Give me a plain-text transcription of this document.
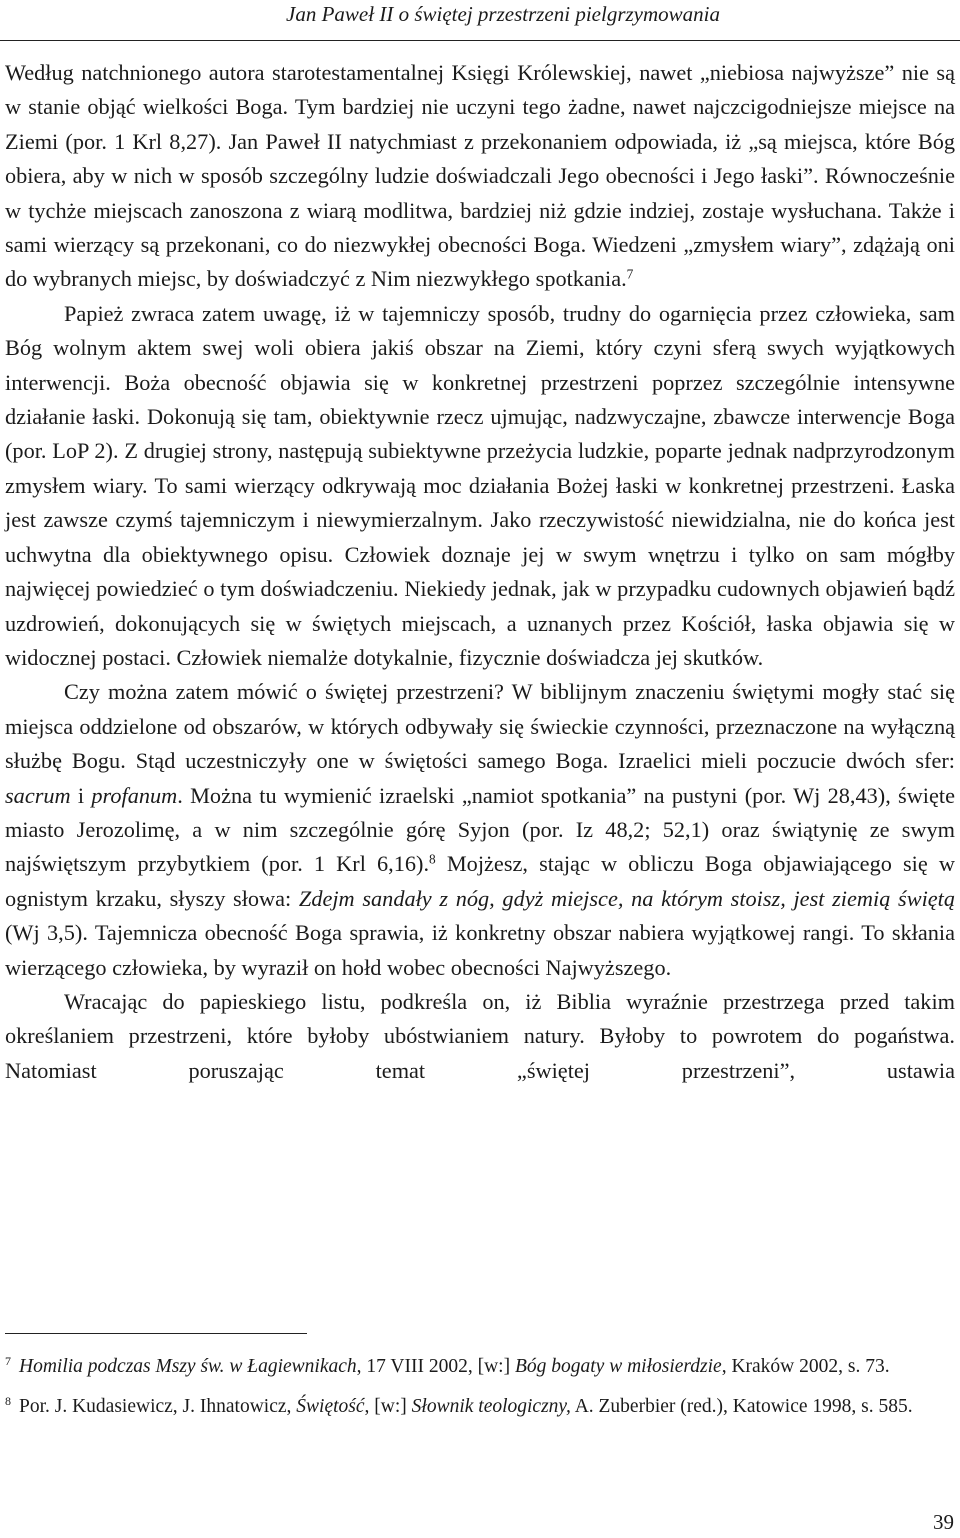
Jan Paweł II o świętej przestrzeni pielgrzymowania

Według natchnionego autora starotestamentalnej Księgi Królewskiej, nawet „niebiosa najwyższe” nie są w stanie objąć wielkości Boga. Tym bardziej nie uczyni tego żadne, nawet najczcigodniejsze miejsce na Ziemi (por. 1 Krl 8,27). Jan Paweł II natychmiast z przekonaniem odpowiada, iż „są miejsca, które Bóg obiera, aby w nich w sposób szczególny ludzie doświadczali Jego obecności i Jego łaski”. Równocześnie w tychże miejscach zanoszona z wiarą modlitwa, bardziej niż gdzie indziej, zostaje wysłuchana. Także i sami wierzący są przekonani, co do niezwykłej obecności Boga. Wiedzeni „zmysłem wiary”, zdążają oni do wybranych miejsc, by doświadczyć z Nim niezwykłego spotkania.$^7$

Papież zwraca zatem uwagę, iż w tajemniczy sposób, trudny do ogarnięcia przez człowieka, sam Bóg wolnym aktem swej woli obiera jakiś obszar na Ziemi, który czyni sferą swych wyjątkowych interwencji. Boża obecność objawia się w konkretnej przestrzeni poprzez szczególnie intensywne działanie łaski. Dokonują się tam, obiektywnie rzecz ujmując, nadzwyczajne, zbawcze interwencje Boga (por. LoP 2). Z drugiej strony, następują subiektywne przeżycia ludzkie, poparte jednak nadprzyrodzonym zmysłem wiary. To sami wierzący odkrywają moc działania Bożej łaski w konkretnej przestrzeni. Łaska jest zawsze czymś tajemniczym i niewymierzalnym. Jako rzeczywistość niewidzialna, nie do końca jest uchwytna dla obiektywnego opisu. Człowiek doznaje jej w swym wnętrzu i tylko on sam mógłby najwięcej powiedzieć o tym doświadczeniu. Niekiedy jednak, jak w przypadku cudownych objawień bądź uzdrowień, dokonujących się w świętych miejscach, a uznanych przez Kościół, łaska objawia się w widocznej postaci. Człowiek niemalże dotykalnie, fizycznie doświadcza jej skutków.

Czy można zatem mówić o świętej przestrzeni? W biblijnym znaczeniu świętymi mogły stać się miejsca oddzielone od obszarów, w których odbywały się świeckie czynności, przeznaczone na wyłączną służbę Bogu. Stąd uczestniczyły one w świętości samego Boga. Izraelici mieli poczucie dwóch sfer: sacrum i profanum. Można tu wymienić izraelski „namiot spotkania” na pustyni (por. Wj 28,43), święte miasto Jerozolimę, a w nim szczególnie górę Syjon (por. Iz 48,2; 52,1) oraz świątynię ze swym najświętszym przybytkiem (por. 1 Krl 6,16).$^8$ Mojżesz, stając w obliczu Boga objawiającego się w ognistym krzaku, słyszy słowa: Zdejm sandały z nóg, gdyż miejsce, na którym stoisz, jest ziemią świętą (Wj 3,5). Tajemnicza obecność Boga sprawia, iż konkretny obszar nabiera wyjątkowej rangi. To skłania wierzącego człowieka, by wyraził on hołd wobec obecności Najwyższego.

Wracając do papieskiego listu, podkreśla on, iż Biblia wyraźnie przestrzega przed takim określaniem przestrzeni, które byłoby ubóstwianiem natury. Byłoby to powrotem do pogaństwa. Natomiast poruszając temat „świętej przestrzeni”, ustawia

7 Homilia podczas Mszy św. w Łagiewnikach, 17 VIII 2002, [w:] Bóg bogaty w miłosierdzie, Kraków 2002, s. 73.
8 Por. J. Kudasiewicz, J. Ihnatowicz, Świętość, [w:] Słownik teologiczny, A. Zuberbier (red.), Katowice 1998, s. 585.
39
